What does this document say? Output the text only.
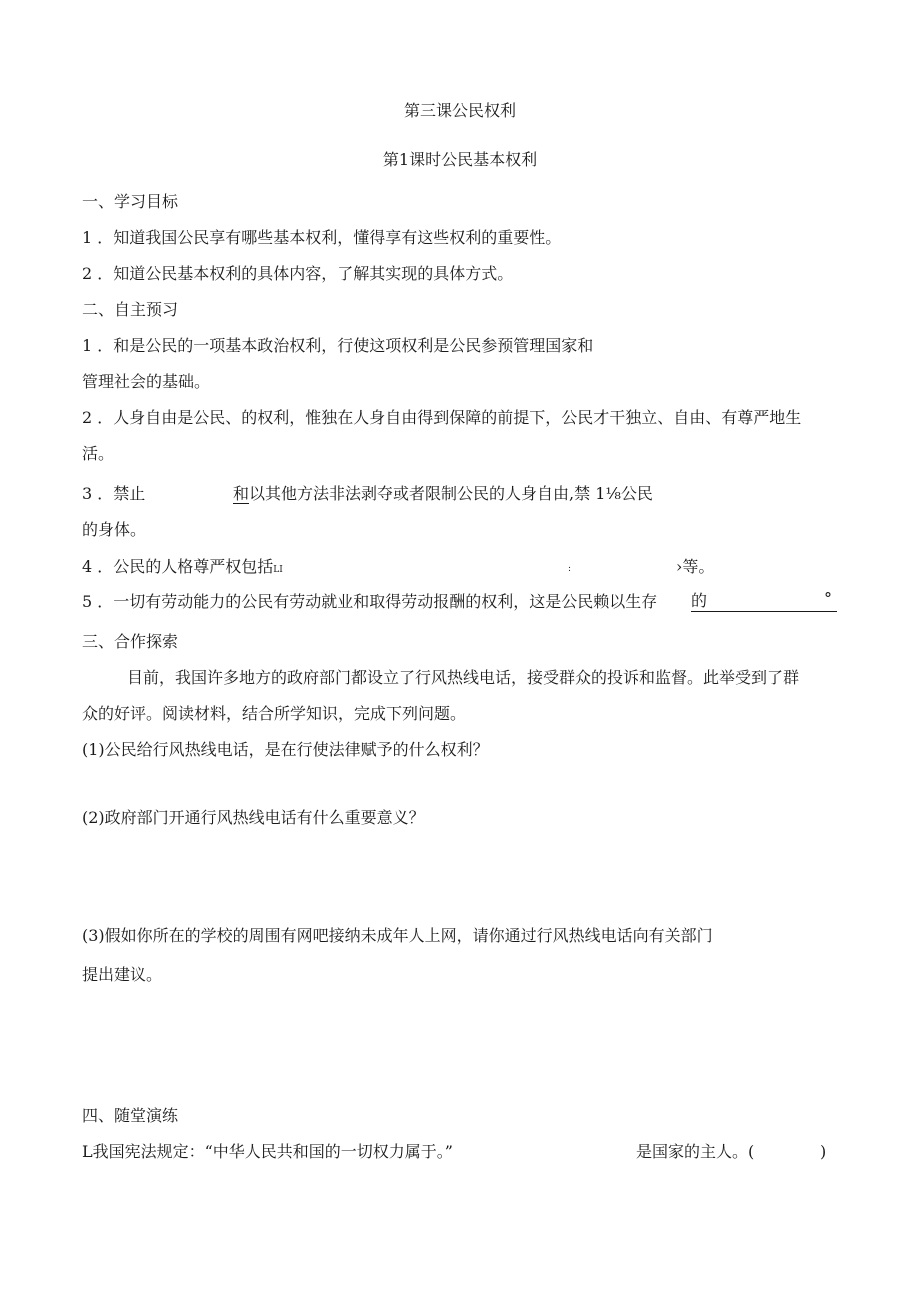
第三课公民权利
第1课时公民基本权利
一、学习目标
1 ．知道我国公民享有哪些基本权利，懂得享有这些权利的重要性。
2 ．知道公民基本权利的具体内容，了解其实现的具体方式。
二、自主预习
1 ．和是公民的一项基本政治权利，行使这项权利是公民参预管理国家和
管理社会的基础。
2 ．人身自由是公民、的权利，惟独在人身自由得到保障的前提下，公民才干独立、自由、有尊严地生
活。
3 ．禁止	和以其他方法非法剥夺或者限制公民的人身自由,禁 1⅛公民
的身体。
4 ．公民的人格尊严权包括LI	:	›等。
5 ．一切有劳动能力的公民有劳动就业和取得劳动报酬的权利，这是公民赖以生存 的	°
三、合作探索
目前，我国许多地方的政府部门都设立了行风热线电话，接受群众的投诉和监督。此举受到了群
众的好评。阅读材料，结合所学知识，完成下列问题。
(1)公民给行风热线电话，是在行使法律赋予的什么权利？
(2)政府部门开通行风热线电话有什么重要意义？
(3)假如你所在的学校的周围有网吧接纳未成年人上网，请你通过行风热线电话向有关部门
提出建议。
四、随堂演练
L我国宪法规定：“中华人民共和国的一切权力属于。”	是国家的主人。(	)
